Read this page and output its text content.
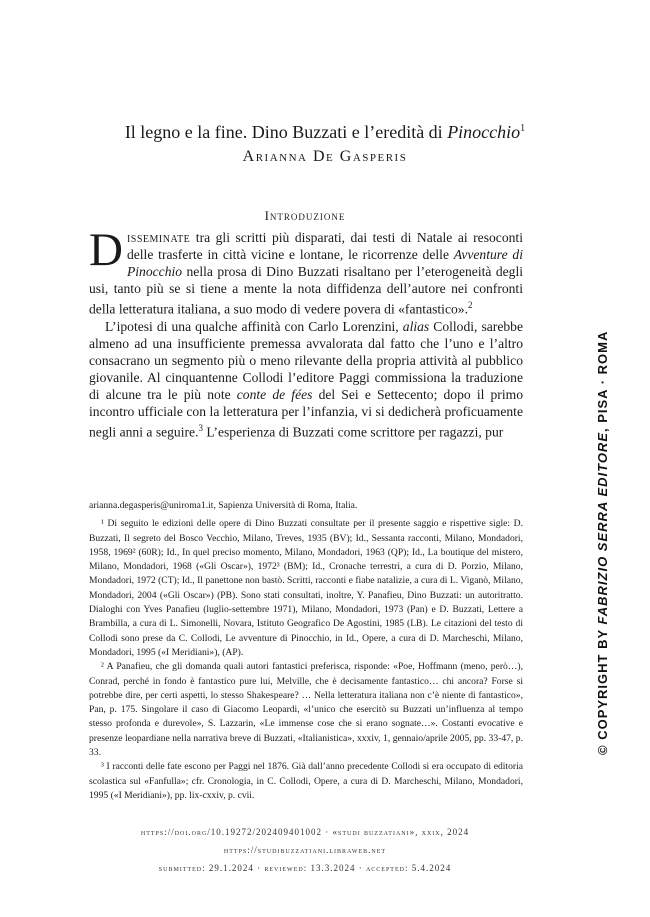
Il legno e la fine. Dino Buzzati e l’eredità di Pinocchio$^1$
Arianna De Gasperis
Introduzione

Disseminate tra gli scritti più disparati, dai testi di Natale ai resoconti delle trasferte in città vicine e lontane, le ricorrenze delle Avventure di Pinocchio nella prosa di Dino Buzzati risaltano per l’eterogeneità degli usi, tanto più se si tiene a mente la nota diffidenza dell’autore nei confronti della letteratura italiana, a suo modo di vedere povera di «fantastico».$^2$

L’ipotesi di una qualche affinità con Carlo Lorenzini, alias Collodi, sarebbe almeno ad una insufficiente premessa avvalorata dal fatto che l’uno e l’altro consacrano un segmento più o meno rilevante della propria attività al pubblico giovanile. Al cinquantenne Collodi l’editore Paggi commissiona la traduzione di alcune tra le più note conte de fées del Sei e Settecento; dopo il primo incontro ufficiale con la letteratura per l’infanzia, vi si dedicherà proficuamente negli anni a seguire.$^3$ L’esperienza di Buzzati come scrittore per ragazzi, pur

arianna.degasperis@uniroma1.it, Sapienza Università di Roma, Italia.

¹ Di seguito le edizioni delle opere di Dino Buzzati consultate per il presente saggio e rispettive sigle: D. Buzzati, Il segreto del Bosco Vecchio, Milano, Treves, 1935 (BV); Id., Sessanta racconti, Milano, Mondadori, 1958, 1969² (60R); Id., In quel preciso momento, Milano, Mondadori, 1963 (QP); Id., La boutique del mistero, Milano, Mondadori, 1968 («Gli Oscar»), 1972³ (BM); Id., Cronache terrestri, a cura di D. Porzio, Milano, Mondadori, 1972 (CT); Id., Il panettone non bastò. Scritti, racconti e fiabe natalizie, a cura di L. Viganò, Milano, Mondadori, 2004 («Gli Oscar») (PB). Sono stati consultati, inoltre, Y. Panafieu, Dino Buzzati: un autoritratto. Dialoghi con Yves Panafieu (luglio-settembre 1971), Milano, Mondadori, 1973 (Pan) e D. Buzzati, Lettere a Brambilla, a cura di L. Simonelli, Novara, Istituto Geografico De Agostini, 1985 (LB). Le citazioni del testo di Collodi sono prese da C. Collodi, Le avventure di Pinocchio, in Id., Opere, a cura di D. Marcheschi, Milano, Mondadori, 1995 («I Meridiani»), (AP).

² A Panafieu, che gli domanda quali autori fantastici preferisca, risponde: «Poe, Hoffmann (meno, però…), Conrad, perché in fondo è fantastico pure lui, Melville, che è decisamente fantastico… chi ancora? Forse si potrebbe dire, per certi aspetti, lo stesso Shakespeare? … Nella letteratura italiana non c’è niente di fantastico», Pan, p. 175. Singolare il caso di Giacomo Leopardi, «l’unico che esercitò su Buzzati un’influenza al tempo stesso profonda e durevole», S. Lazzarin, «Le immense cose che si erano sognate…». Costanti evocative e presenze leopardiane nella narrativa breve di Buzzati, «Italianistica», xxxiv, 1, gennaio/aprile 2005, pp. 33-47, p. 33.

³ I racconti delle fate escono per Paggi nel 1876. Già dall’anno precedente Collodi si era occupato di editoria scolastica sul «Fanfulla»; cfr. Cronologia, in C. Collodi, Opere, a cura di D. Marcheschi, Milano, Mondadori, 1995 («I Meridiani»), pp. lix-cxxiv, p. cvii.

https://doi.org/10.19272/202409401002 · «studi buzzatiani», xxix, 2024
https://studibuzzatiani.libraweb.net
submitted: 29.1.2024 · reviewed: 13.3.2024 · accepted: 5.4.2024
© COPYRIGHT BY FABRIZIO SERRA EDITORE, PISA · ROMA
